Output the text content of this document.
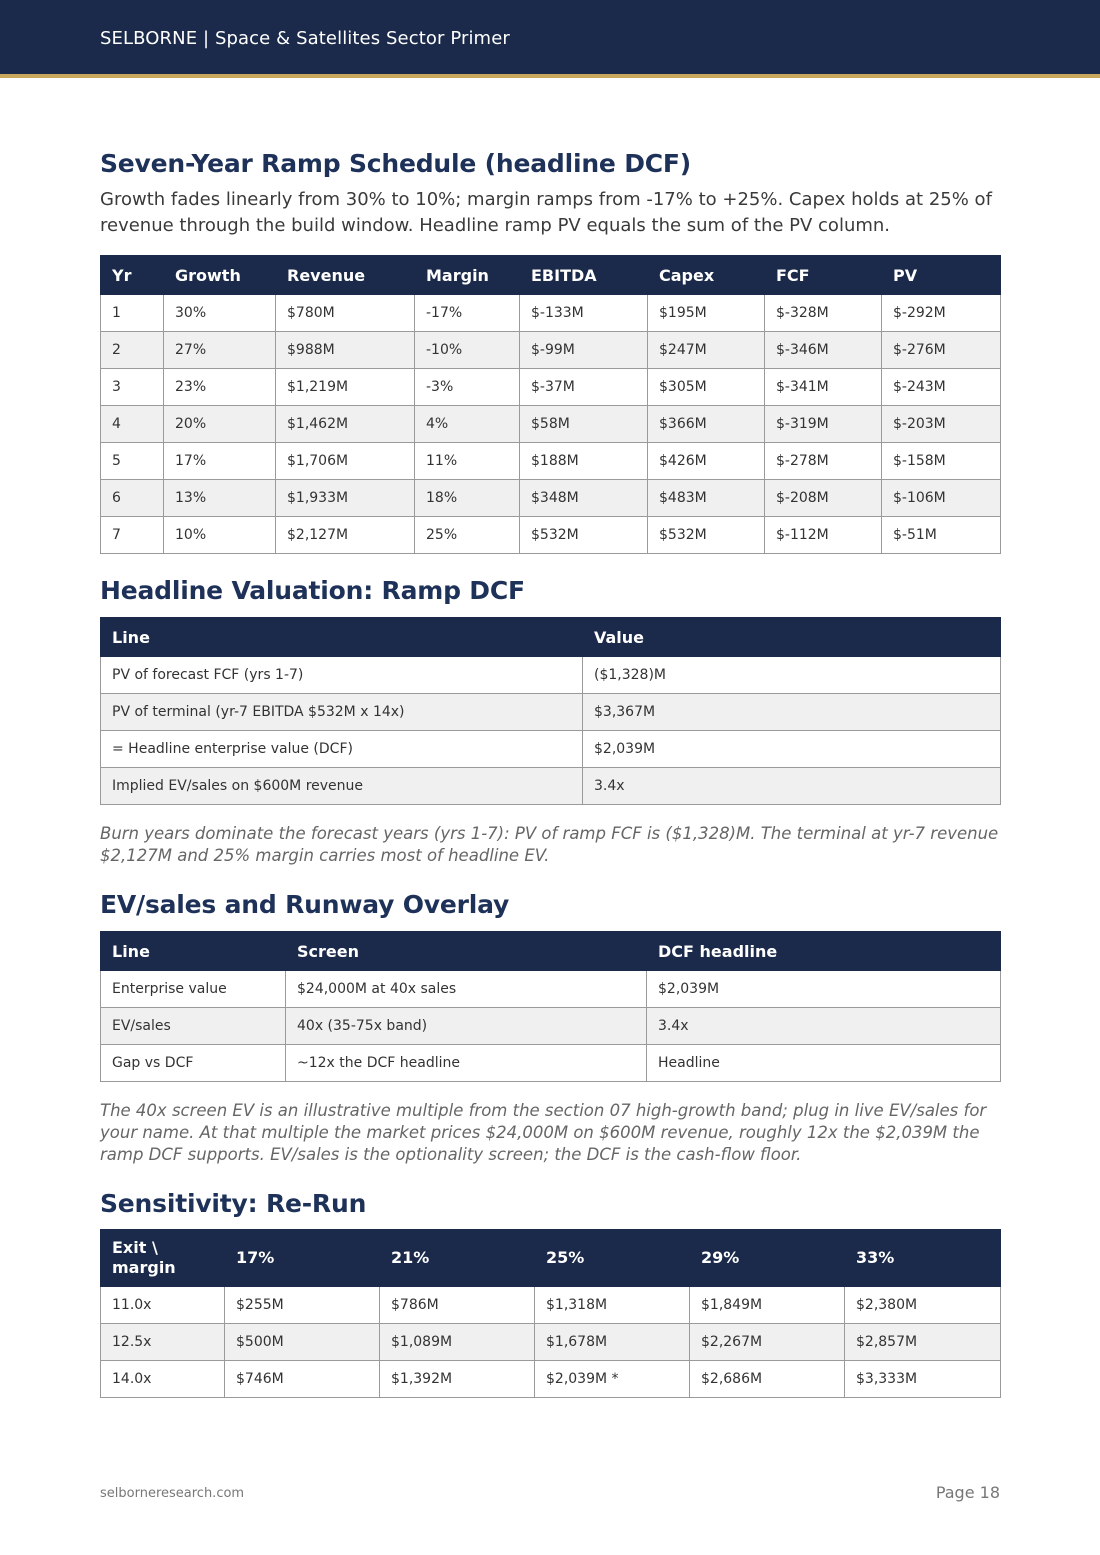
SELBORNE | Space & Satellites Sector Primer
Seven-Year Ramp Schedule (headline DCF)

Growth fades linearly from 30% to 10%; margin ramps from -17% to +25%. Capex holds at 25% of revenue through the build window. Headline ramp PV equals the sum of the PV column.

Yr	Growth	Revenue	Margin	EBITDA	Capex	FCF	PV
1	30%	$780M	-17%	$-133M	$195M	$-328M	$-292M
2	27%	$988M	-10%	$-99M	$247M	$-346M	$-276M
3	23%	$1,219M	-3%	$-37M	$305M	$-341M	$-243M
4	20%	$1,462M	4%	$58M	$366M	$-319M	$-203M
5	17%	$1,706M	11%	$188M	$426M	$-278M	$-158M
6	13%	$1,933M	18%	$348M	$483M	$-208M	$-106M
7	10%	$2,127M	25%	$532M	$532M	$-112M	$-51M
Headline Valuation: Ramp DCF
Line	Value
PV of forecast FCF (yrs 1-7)	($1,328)M
PV of terminal (yr-7 EBITDA $532M x 14x)	$3,367M
= Headline enterprise value (DCF)	$2,039M
Implied EV/sales on $600M revenue	3.4x

Burn years dominate the forecast years (yrs 1-7): PV of ramp FCF is ($1,328)M. The terminal at yr-7 revenue $2,127M and 25% margin carries most of headline EV.

EV/sales and Runway Overlay
Line	Screen	DCF headline
Enterprise value	$24,000M at 40x sales	$2,039M
EV/sales	40x (35-75x band)	3.4x
Gap vs DCF	~12x the DCF headline	Headline

The 40x screen EV is an illustrative multiple from the section 07 high-growth band; plug in live EV/sales for your name. At that multiple the market prices $24,000M on $600M revenue, roughly 12x the $2,039M the ramp DCF supports. EV/sales is the optionality screen; the DCF is the cash-flow floor.

Sensitivity: Re-Run
Exit \ margin	17%	21%	25%	29%	33%
11.0x	$255M	$786M	$1,318M	$1,849M	$2,380M
12.5x	$500M	$1,089M	$1,678M	$2,267M	$2,857M
14.0x	$746M	$1,392M	$2,039M *	$2,686M	$3,333M
selborneresearch.com	Page 18
